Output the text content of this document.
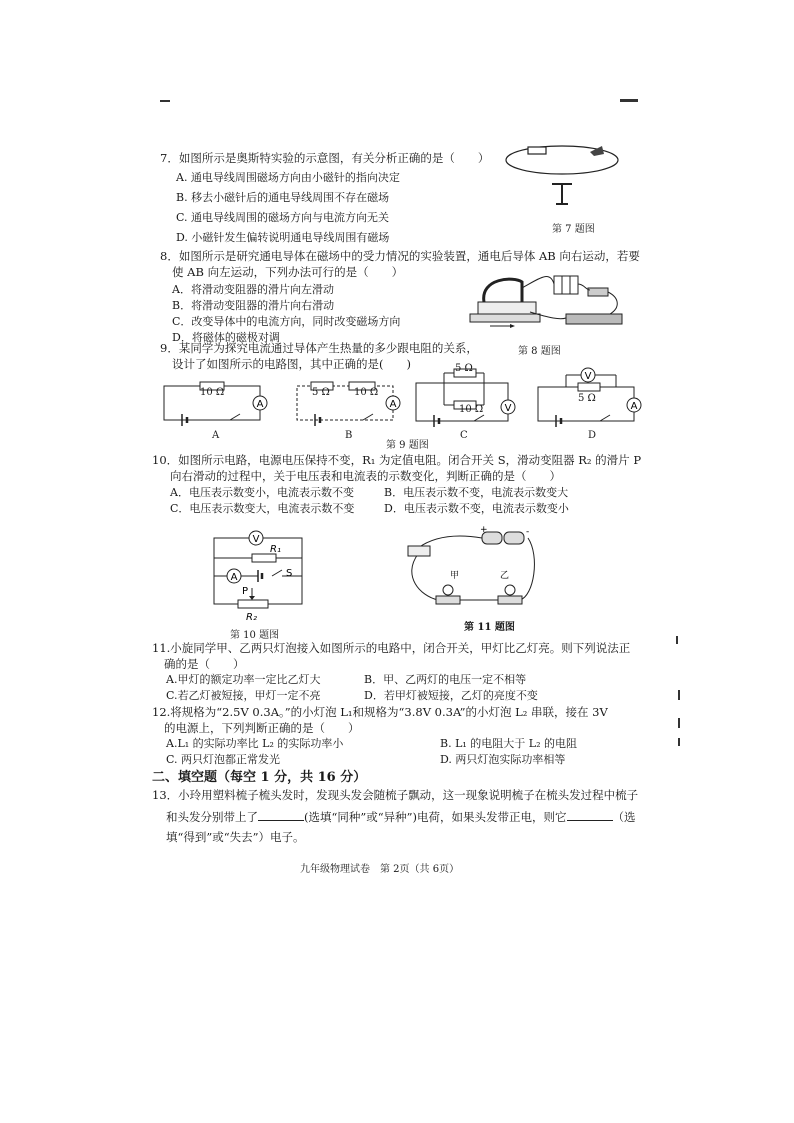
7．如图所示是奥斯特实验的示意图，有关分析正确的是（　　）
A. 通电导线周围磁场方向由小磁针的指向决定
B. 移去小磁针后的通电导线周围不存在磁场
C. 通电导线周围的磁场方向与电流方向无关
D. 小磁针发生偏转说明通电导线周围有磁场
第 7 题图
8．如图所示是研究通电导体在磁场中的受力情况的实验装置，通电后导体 AB 向右运动，若要
使 AB 向左运动，下列办法可行的是（　　）
A．将滑动变阻器的滑片向左滑动
B．将滑动变阻器的滑片向右滑动
C．改变导体中的电流方向，同时改变磁场方向
D．将磁体的磁极对调
第 8 题图
9．某同学为探究电流通过导体产生热量的多少跟电阻的关系，
设计了如图所示的电路图，其中正确的是(　　)
A
10 Ω
A
A
5 Ω 10 Ω
B
V
5 Ω
10 Ω
C
V
A
5 Ω
D
第 9 题图
10．如图所示电路，电源电压保持不变，R₁ 为定值电阻。闭合开关 S，滑动变阻器 R₂ 的滑片 P
向右滑动的过程中，关于电压表和电流表的示数变化，判断正确的是（　　）
A．电压表示数变小，电流表示数不变	B．电压表示数不变，电流表示数变大
C．电压表示数变大，电流表示数不变	D．电压表示数不变，电流表示数变小
V
R₁
A	S
P
R₂
第 10 题图
+	-
甲	乙
第 11 题图
11.小旋同学甲、乙两只灯泡接入如图所示的电路中，闭合开关，甲灯比乙灯亮。则下列说法正
确的是（　　）
A.甲灯的额定功率一定比乙灯大	B．甲、乙两灯的电压一定不相等
C.若乙灯被短接，甲灯一定不亮	D．若甲灯被短接，乙灯的亮度不变
12.将规格为“2.5V 0.3A。”的小灯泡 L₁和规格为“3.8V 0.3A”的小灯泡 L₂ 串联，接在 3V
的电源上，下列判断正确的是（　　）
A.L₁ 的实际功率比 L₂ 的实际功率小	B. L₁ 的电阻大于 L₂ 的电阻
C. 两只灯泡都正常发光	D. 两只灯泡实际功率相等
二、填空题（每空 1 分，共 16 分）
13．小玲用塑料梳子梳头发时，发现头发会随梳子飘动，这一现象说明梳子在梳头发过程中梳子
和头发分别带上了	(选填“同种”或“异种”)电荷，如果头发带正电，则它	（选
填“得到”或“失去”）电子。
九年级物理试卷　第 2页（共 6页）
